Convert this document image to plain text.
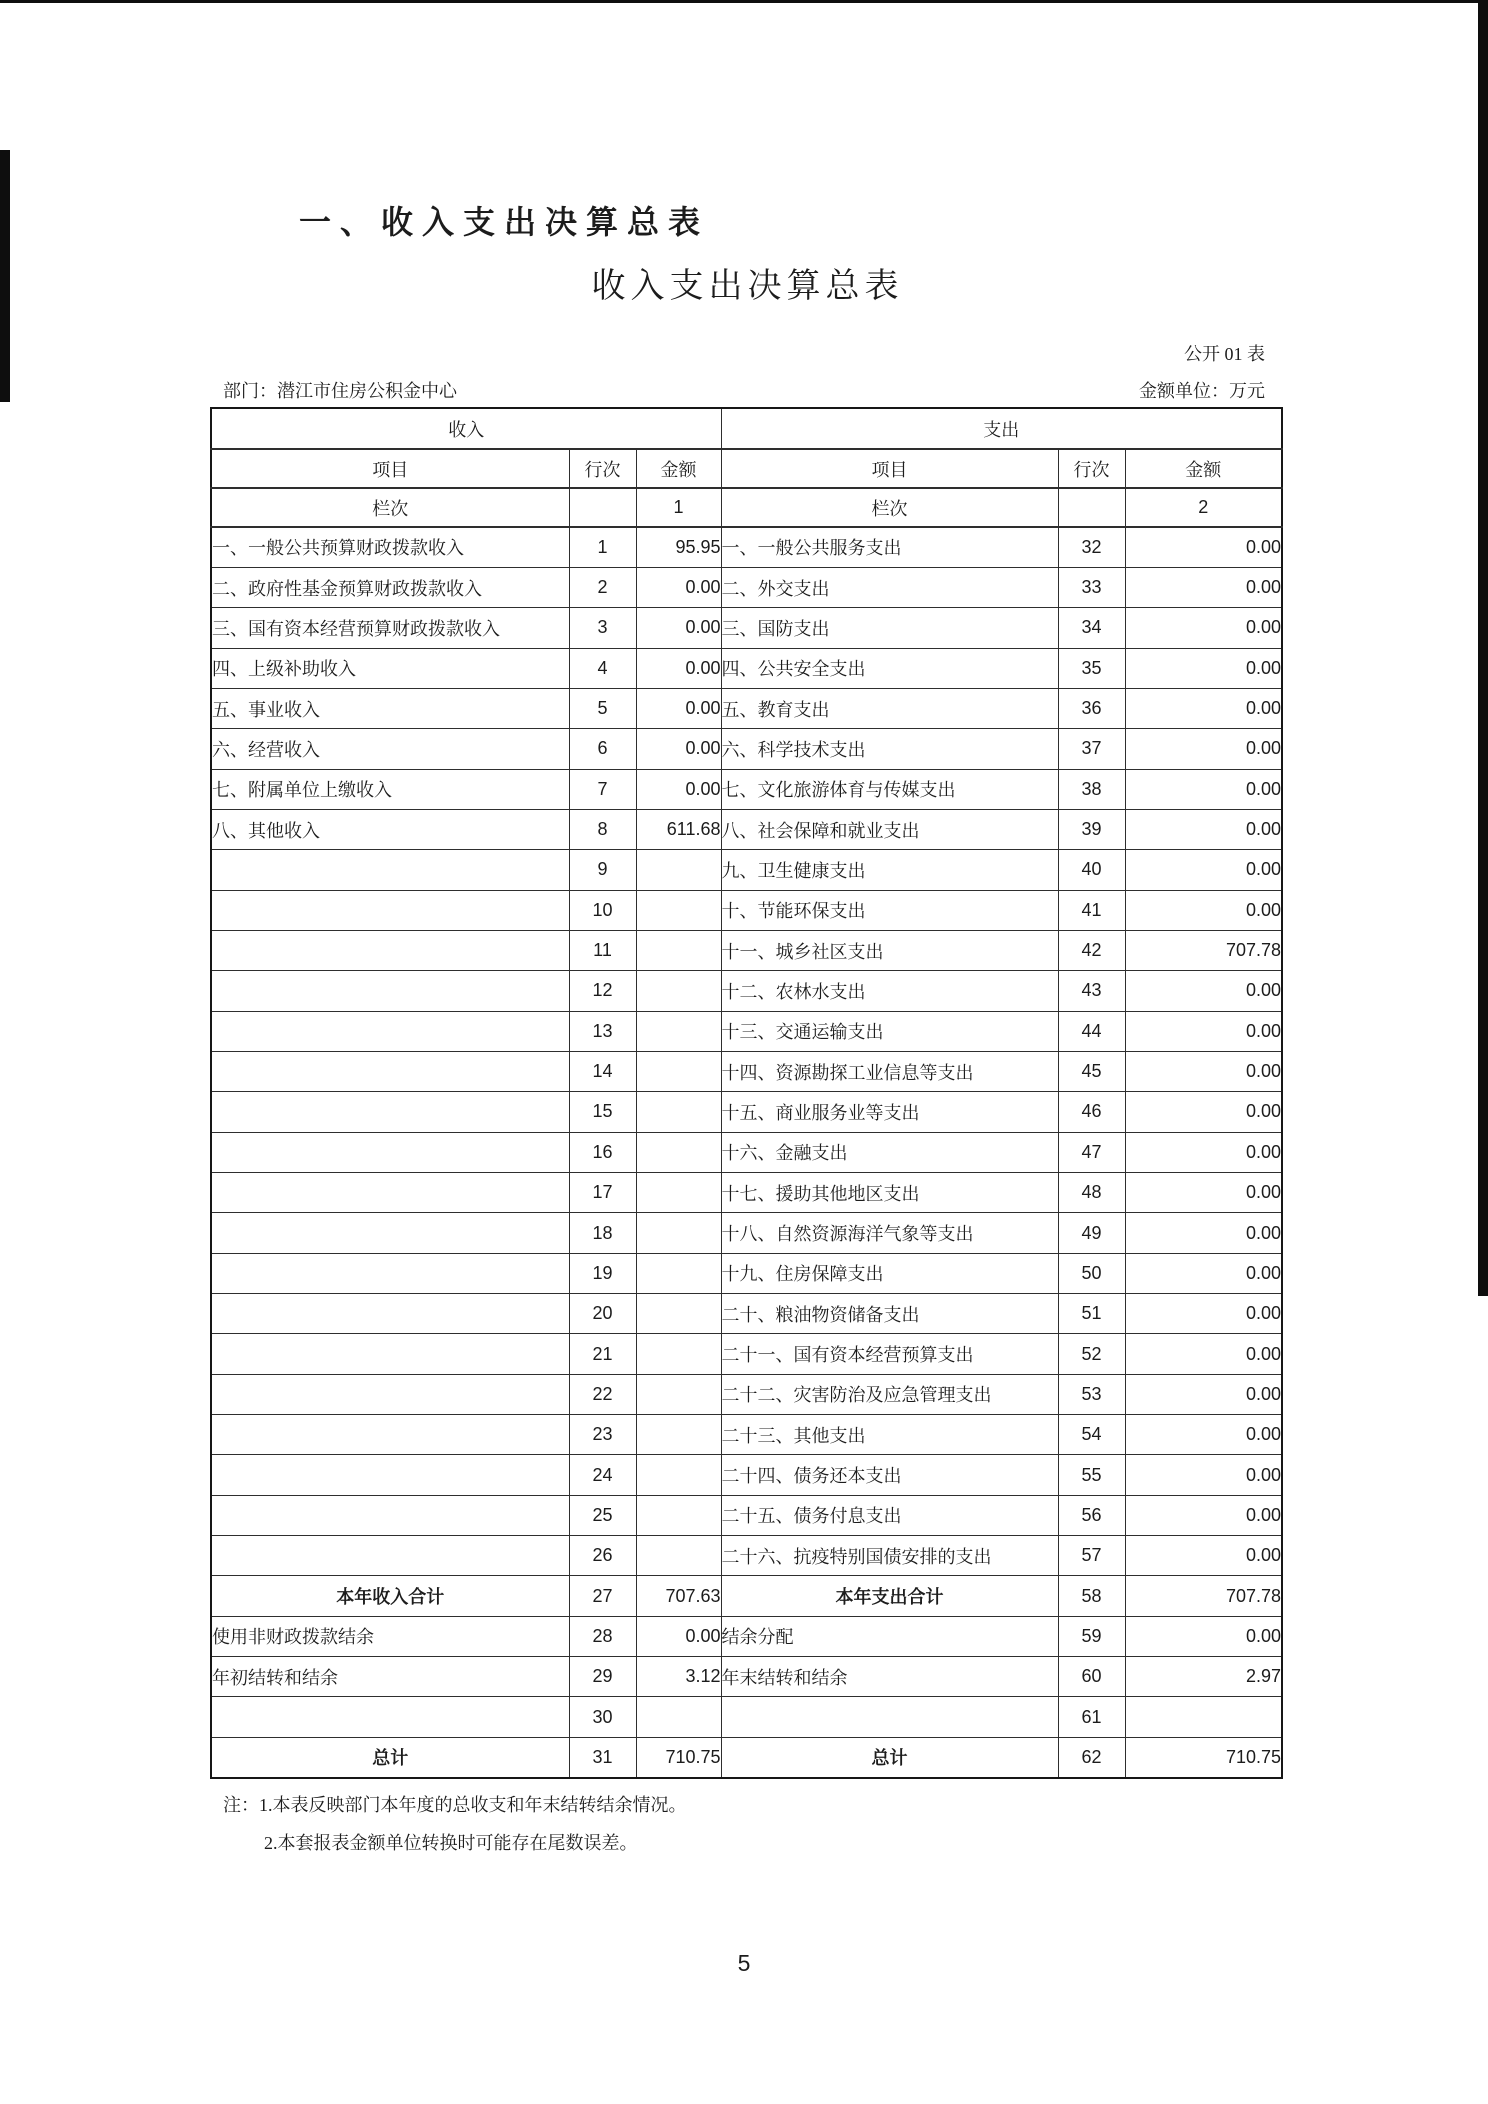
一、收入支出决算总表
收入支出决算总表
公开 01 表
部门：潜江市住房公积金中心	金额单位：万元
收入			支出		
项目	行次	金额	项目	行次	金额
栏次		1	栏次		2
一、一般公共预算财政拨款收入	1	95.95	一、一般公共服务支出	32	0.00
二、政府性基金预算财政拨款收入	2	0.00	二、外交支出	33	0.00
三、国有资本经营预算财政拨款收入	3	0.00	三、国防支出	34	0.00
四、上级补助收入	4	0.00	四、公共安全支出	35	0.00
五、事业收入	5	0.00	五、教育支出	36	0.00
六、经营收入	6	0.00	六、科学技术支出	37	0.00
七、附属单位上缴收入	7	0.00	七、文化旅游体育与传媒支出	38	0.00
八、其他收入	8	611.68	八、社会保障和就业支出	39	0.00
	9		九、卫生健康支出	40	0.00
	10		十、节能环保支出	41	0.00
	11		十一、城乡社区支出	42	707.78
	12		十二、农林水支出	43	0.00
	13		十三、交通运输支出	44	0.00
	14		十四、资源勘探工业信息等支出	45	0.00
	15		十五、商业服务业等支出	46	0.00
	16		十六、金融支出	47	0.00
	17		十七、援助其他地区支出	48	0.00
	18		十八、自然资源海洋气象等支出	49	0.00
	19		十九、住房保障支出	50	0.00
	20		二十、粮油物资储备支出	51	0.00
	21		二十一、国有资本经营预算支出	52	0.00
	22		二十二、灾害防治及应急管理支出	53	0.00
	23		二十三、其他支出	54	0.00
	24		二十四、债务还本支出	55	0.00
	25		二十五、债务付息支出	56	0.00
	26		二十六、抗疫特别国债安排的支出	57	0.00
本年收入合计	27	707.63	本年支出合计	58	707.78
使用非财政拨款结余	28	0.00	结余分配	59	0.00
年初结转和结余	29	3.12	年末结转和结余	60	2.97
	30			61	
总计	31	710.75	总计	62	710.75
注：1.本表反映部门本年度的总收支和年末结转结余情况。
2.本套报表金额单位转换时可能存在尾数误差。
5
